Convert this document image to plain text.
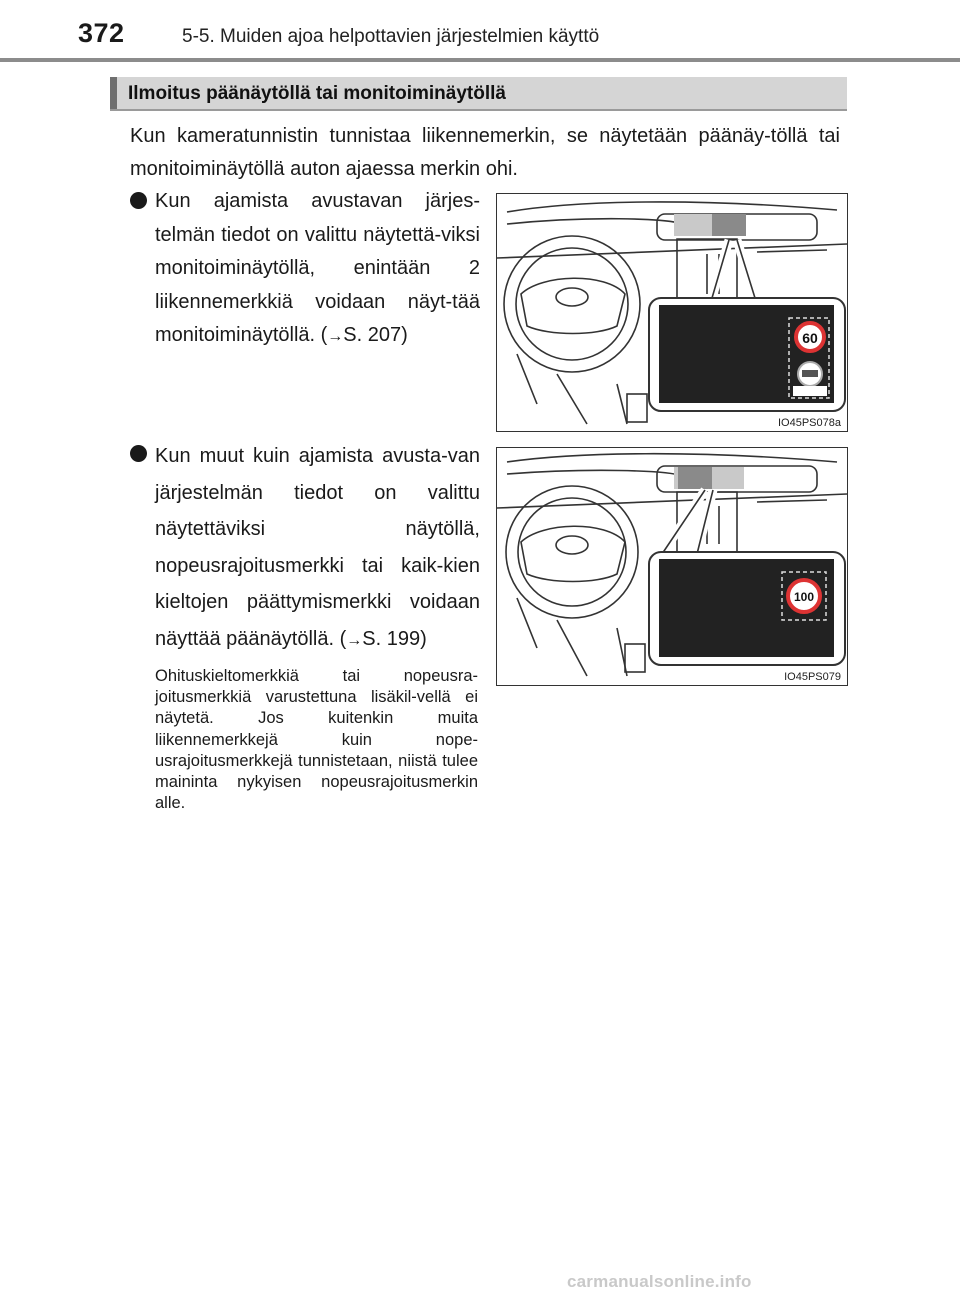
372	5-5. Muiden ajoa helpottavien järjestelmien käyttö
Ilmoitus päänäytöllä tai monitoiminäytöllä
Kun kameratunnistin tunnistaa liikennemerkin, se näytetään päänäy-töllä tai monitoiminäytöllä auton ajaessa merkin ohi.
Kun ajamista avustavan järjes-telmän tiedot on valittu näytettä-viksi monitoiminäytöllä, enintään 2 liikennemerkkiä voidaan näyt-tää monitoiminäytöllä. (→S. 207)
Kun muut kuin ajamista avusta-van järjestelmän tiedot on valittu näytettäviksi näytöllä, nopeusrajoitusmerkki tai kaik-kien kieltojen päättymismerkki voidaan näyttää päänäytöllä. (→S. 199)
Ohituskieltomerkkiä tai nopeusra-joitusmerkkiä varustettuna lisäkil-vellä ei näytetä. Jos kuitenkin muita liikennemerkkejä kuin nope-usrajoitusmerkkejä tunnistetaan, niistä tulee maininta nykyisen nopeusrajoitusmerkin alle.
60
IO45PS078a
100
IO45PS079
carmanualsonline.info
